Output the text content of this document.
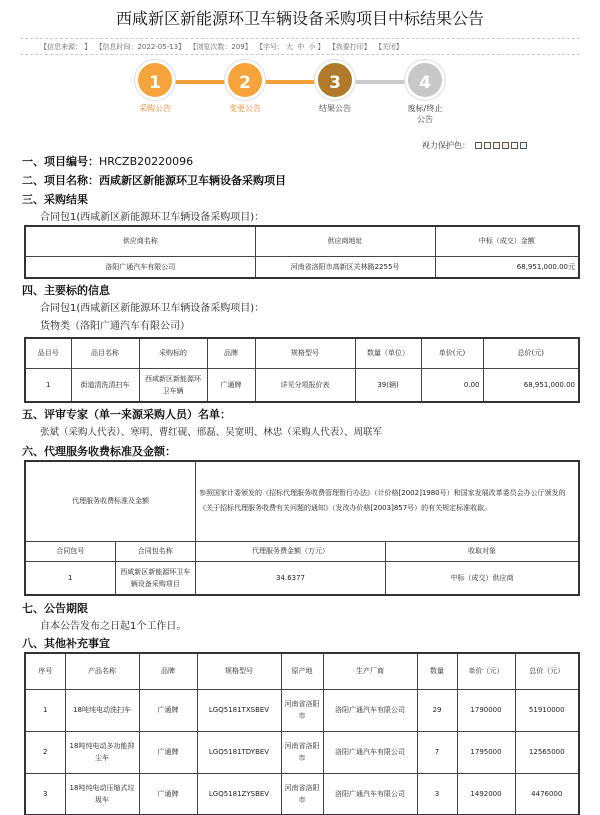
西咸新区新能源环卫车辆设备采购项目中标结果公告
【信息来源： 】 【信息时间：2022-05-13】 【浏览次数：209】 【字号： 大 中 小 】 【我要打印】 【关闭】
1
采购公告
2
变更公告
3
结果公告
4
废标/终止公告
视力保护色：
一、项目编号：HRCZB20220096
二、项目名称：西咸新区新能源环卫车辆设备采购项目
三、采购结果
合同包1(西咸新区新能源环卫车辆设备采购项目)：
供应商名称	供应商地址	中标（成交）金额
洛阳广通汽车有限公司	河南省洛阳市高新区关林路2255号	68,951,000.00元
四、主要标的信息
合同包1(西咸新区新能源环卫车辆设备采购项目)：
货物类（洛阳广通汽车有限公司）
品目号	品目名称	采购标的	品牌	规格型号	数量（单位）	单价(元)	总价(元)
1	街道清洗清扫车	西咸新区新能源环卫车辆	广通牌	详见分项报价表	39(辆)	0.00	68,951,000.00
五、评审专家（单一来源采购人员）名单：
张斌（采购人代表）、寒明、曹红砚、邢磊、吴宽明、林忠（采购人代表）、周联军
六、代理服务收费标准及金额：
代理服务收费标准及金额		参照国家计委颁发的《招标代理服务收费管理暂行办法》（计价格[2002]1980号）和国家发展改革委员会办公厅颁发的《关于招标代理服务收费有关问题的通知》（发改办价格[2003]857号）的有关规定标准收取。	
合同包号	合同包名称	代理服务费金额（万元）	收取对象
1	西咸新区新能源环卫车辆设备采购项目	34.6377	中标（成交）供应商
七、公告期限
自本公告发布之日起1个工作日。
八、其他补充事宜
序号	产品名称	品牌	规格型号	原产地	生产厂商	数量	单价（元）	总价（元）
1	18吨纯电动洗扫车	广通牌	LGQ5181TXSBEV	河南省洛阳市	洛阳广通汽车有限公司	29	1790000	51910000
2	18吨纯电动多功能抑尘车	广通牌	LGQ5181TDYBEV	河南省洛阳市	洛阳广通汽车有限公司	7	1795000	12565000
3	18吨纯电动压缩式垃圾车	广通牌	LGQ5181ZYSBEV	河南省洛阳市	洛阳广通汽车有限公司	3	1492000	4476000
